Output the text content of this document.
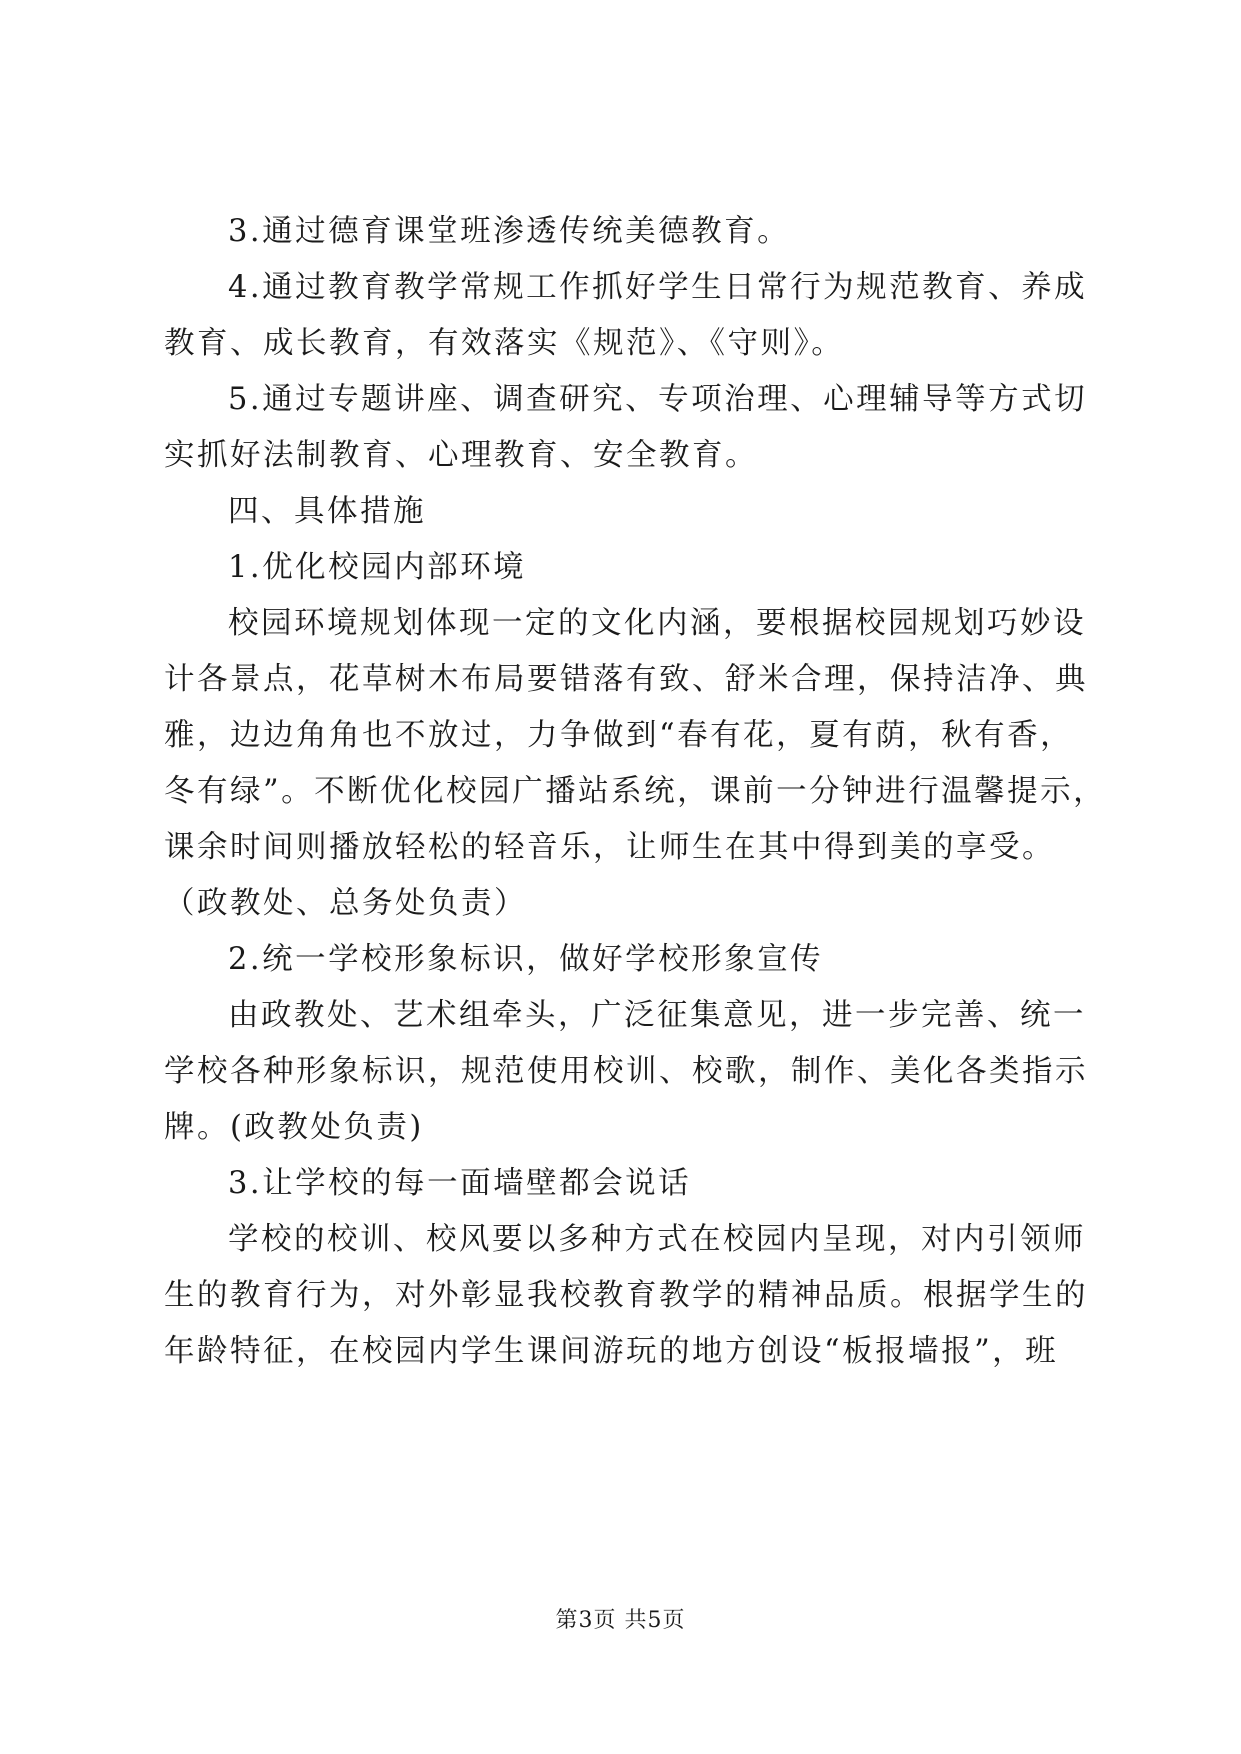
3.通过德育课堂班渗透传统美德教育。
4.通过教育教学常规工作抓好学生日常行为规范教育、养成
教育、成长教育，有效落实《规范》、《守则》。
5.通过专题讲座、调查研究、专项治理、心理辅导等方式切
实抓好法制教育、心理教育、安全教育。
四、具体措施
1.优化校园内部环境
校园环境规划体现一定的文化内涵，要根据校园规划巧妙设
计各景点，花草树木布局要错落有致、舒米合理，保持洁净、典
雅，边边角角也不放过，力争做到“春有花，夏有荫，秋有香，
冬有绿”。不断优化校园广播站系统，课前一分钟进行温馨提示，
课余时间则播放轻松的轻音乐，让师生在其中得到美的享受。
（政教处、总务处负责）
2.统一学校形象标识，做好学校形象宣传
由政教处、艺术组牵头，广泛征集意见，进一步完善、统一
学校各种形象标识，规范使用校训、校歌，制作、美化各类指示
牌。(政教处负责)
3.让学校的每一面墙壁都会说话
学校的校训、校风要以多种方式在校园内呈现，对内引领师
生的教育行为，对外彰显我校教育教学的精神品质。根据学生的
年龄特征，在校园内学生课间游玩的地方创设“板报墙报”，班
第3页 共5页
